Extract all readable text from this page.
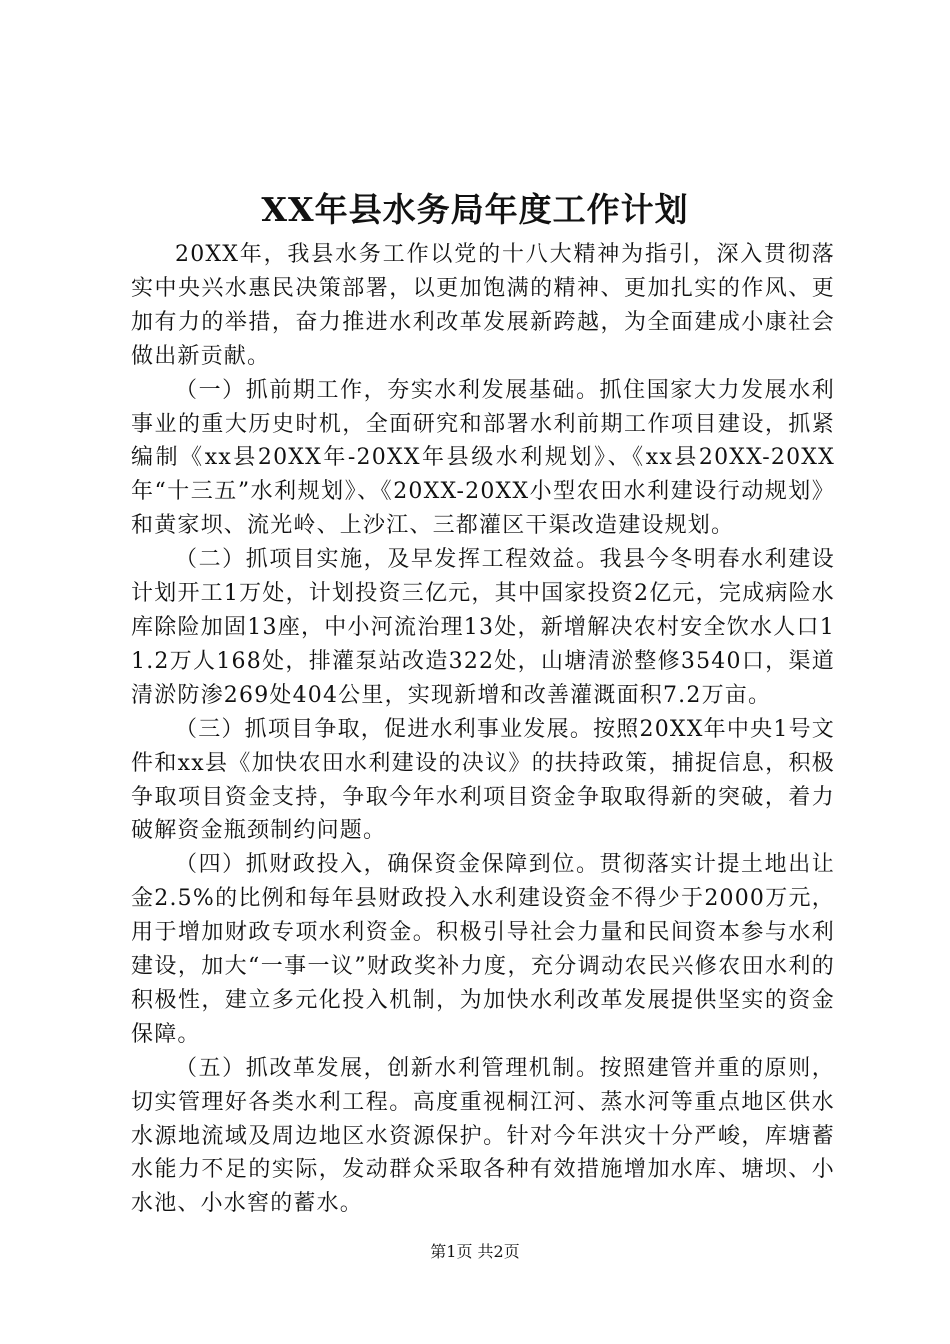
XX年县水务局年度工作计划

20XX年，我县水务工作以党的十八大精神为指引，深入贯彻落实中央兴水惠民决策部署，以更加饱满的精神、更加扎实的作风、更加有力的举措，奋力推进水利改革发展新跨越，为全面建成小康社会做出新贡献。

（一）抓前期工作，夯实水利发展基础。抓住国家大力发展水利事业的重大历史时机，全面研究和部署水利前期工作项目建设，抓紧编制《xx县20XX年-20XX年县级水利规划》、《xx县20XX-20XX年“十三五”水利规划》、《20XX-20XX小型农田水利建设行动规划》和黄家坝、流光岭、上沙江、三都灌区干渠改造建设规划。

（二）抓项目实施，及早发挥工程效益。我县今冬明春水利建设计划开工1万处，计划投资三亿元，其中国家投资2亿元，完成病险水库除险加固13座，中小河流治理13处，新增解决农村安全饮水人口11.2万人168处，排灌泵站改造322处，山塘清淤整修3540口，渠道清淤防渗269处404公里，实现新增和改善灌溉面积7.2万亩。

（三）抓项目争取，促进水利事业发展。按照20XX年中央1号文件和xx县《加快农田水利建设的决议》的扶持政策，捕捉信息，积极争取项目资金支持，争取今年水利项目资金争取取得新的突破，着力破解资金瓶颈制约问题。

（四）抓财政投入，确保资金保障到位。贯彻落实计提土地出让金2.5%的比例和每年县财政投入水利建设资金不得少于2000万元，用于增加财政专项水利资金。积极引导社会力量和民间资本参与水利建设，加大“一事一议”财政奖补力度，充分调动农民兴修农田水利的积极性，建立多元化投入机制，为加快水利改革发展提供坚实的资金保障。

（五）抓改革发展，创新水利管理机制。按照建管并重的原则，切实管理好各类水利工程。高度重视桐江河、蒸水河等重点地区供水水源地流域及周边地区水资源保护。针对今年洪灾十分严峻，库塘蓄水能力不足的实际，发动群众采取各种有效措施增加水库、塘坝、小水池、小水窖的蓄水。

第1页 共2页
